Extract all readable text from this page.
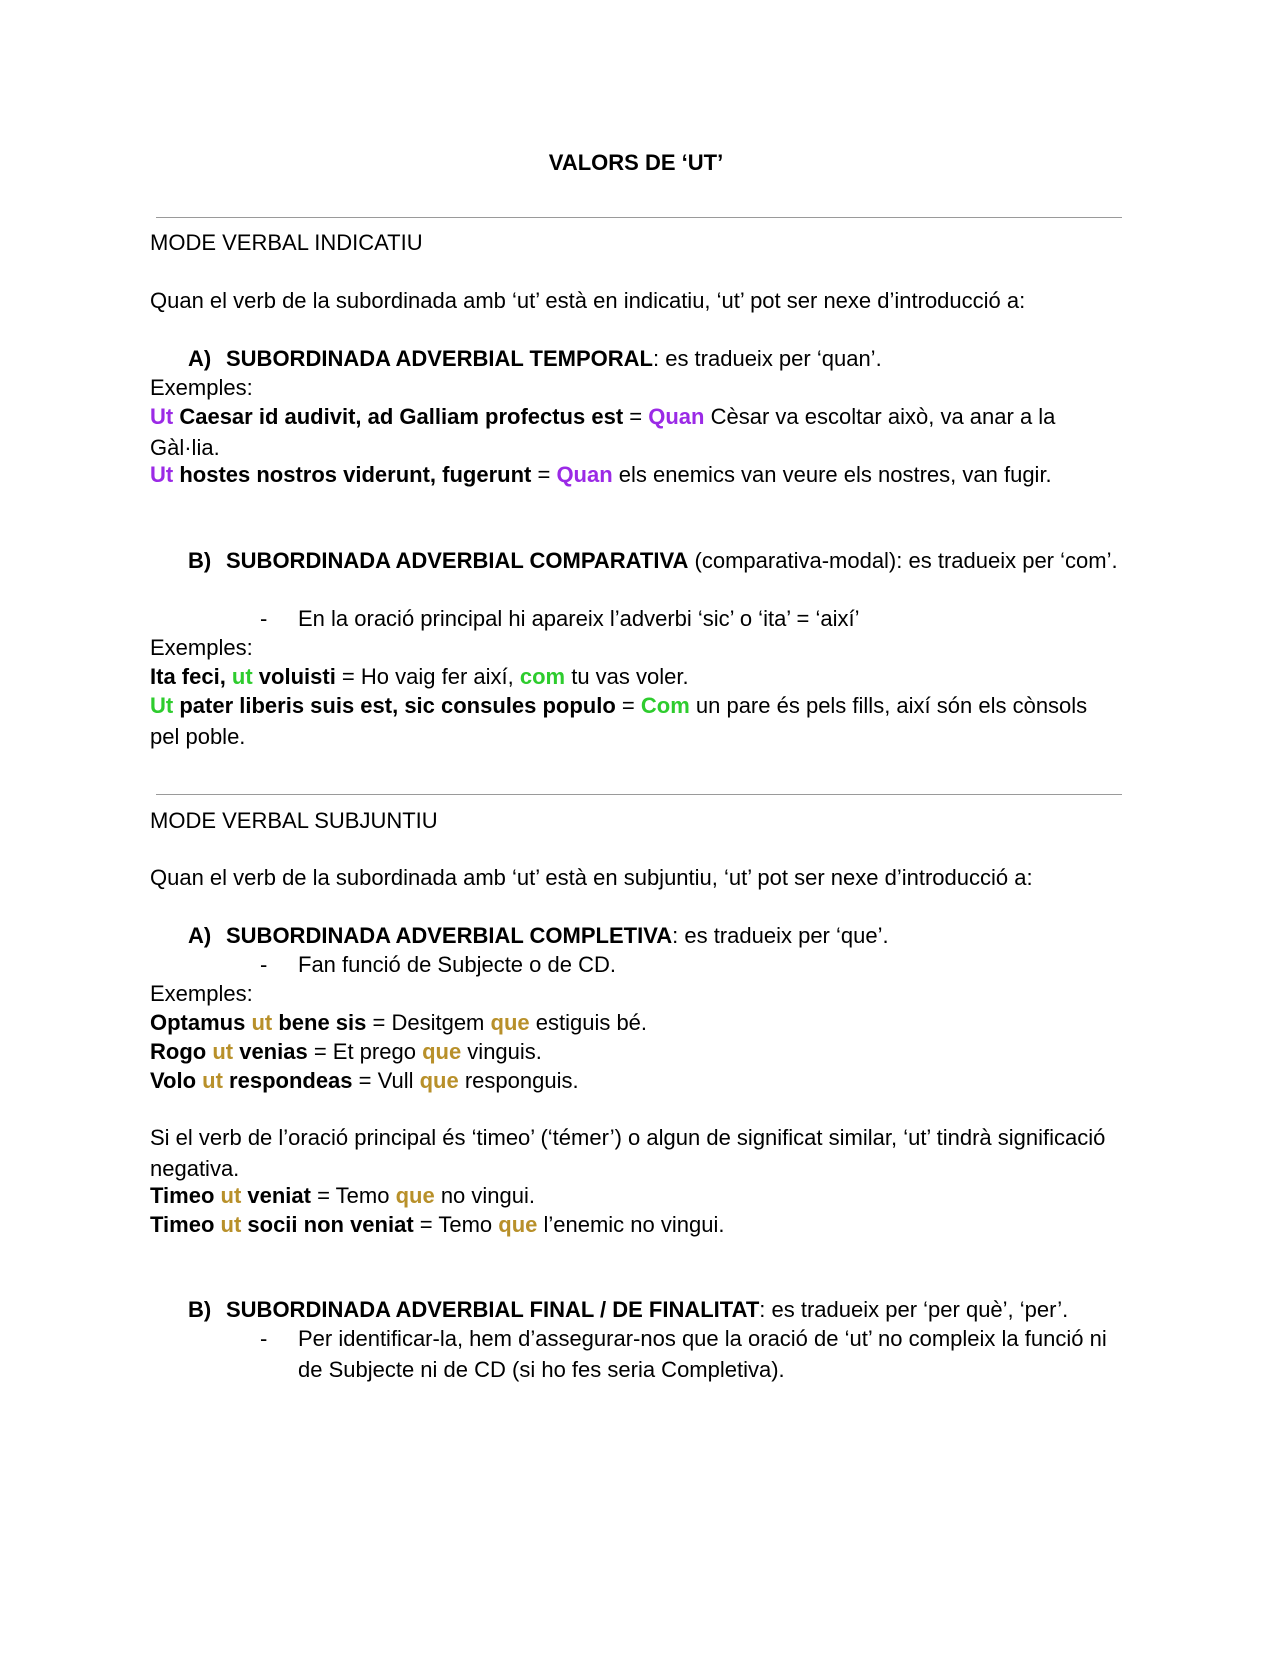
VALORS DE ‘UT’
MODE VERBAL INDICATIU
Quan el verb de la subordinada amb ‘ut’ està en indicatiu, ‘ut’ pot ser nexe d’introducció a:
A) SUBORDINADA ADVERBIAL TEMPORAL: es tradueix per ‘quan’.
Exemples:
Ut Caesar id audivit, ad Galliam profectus est = Quan Cèsar va escoltar això, va anar a la Gàl·lia.
Ut hostes nostros viderunt, fugerunt = Quan els enemics van veure els nostres, van fugir.
B) SUBORDINADA ADVERBIAL COMPARATIVA (comparativa-modal): es tradueix per ‘com’.
- En la oració principal hi apareix l’adverbi ‘sic’ o ‘ita’ = ‘així’
Exemples:
Ita feci, ut voluisti = Ho vaig fer així, com tu vas voler.
Ut pater liberis suis est, sic consules populo = Com un pare és pels fills, així són els cònsols pel poble.
MODE VERBAL SUBJUNTIU
Quan el verb de la subordinada amb ‘ut’ està en subjuntiu, ‘ut’ pot ser nexe d’introducció a:
A) SUBORDINADA ADVERBIAL COMPLETIVA: es tradueix per ‘que’.
- Fan funció de Subjecte o de CD.
Exemples:
Optamus ut bene sis = Desitgem que estiguis bé.
Rogo ut venias = Et prego que vinguis.
Volo ut respondeas = Vull que responguis.
Si el verb de l’oració principal és ‘timeo’ (‘témer’) o algun de significat similar, ‘ut’ tindrà significació negativa.
Timeo ut veniat = Temo que no vingui.
Timeo ut socii non veniat = Temo que l’enemic no vingui.
B) SUBORDINADA ADVERBIAL FINAL / DE FINALITAT: es tradueix per ‘per què’, ‘per’.
- Per identificar-la, hem d’assegurar-nos que la oració de ‘ut’ no compleix la funció ni de Subjecte ni de CD (si ho fes seria Completiva).
